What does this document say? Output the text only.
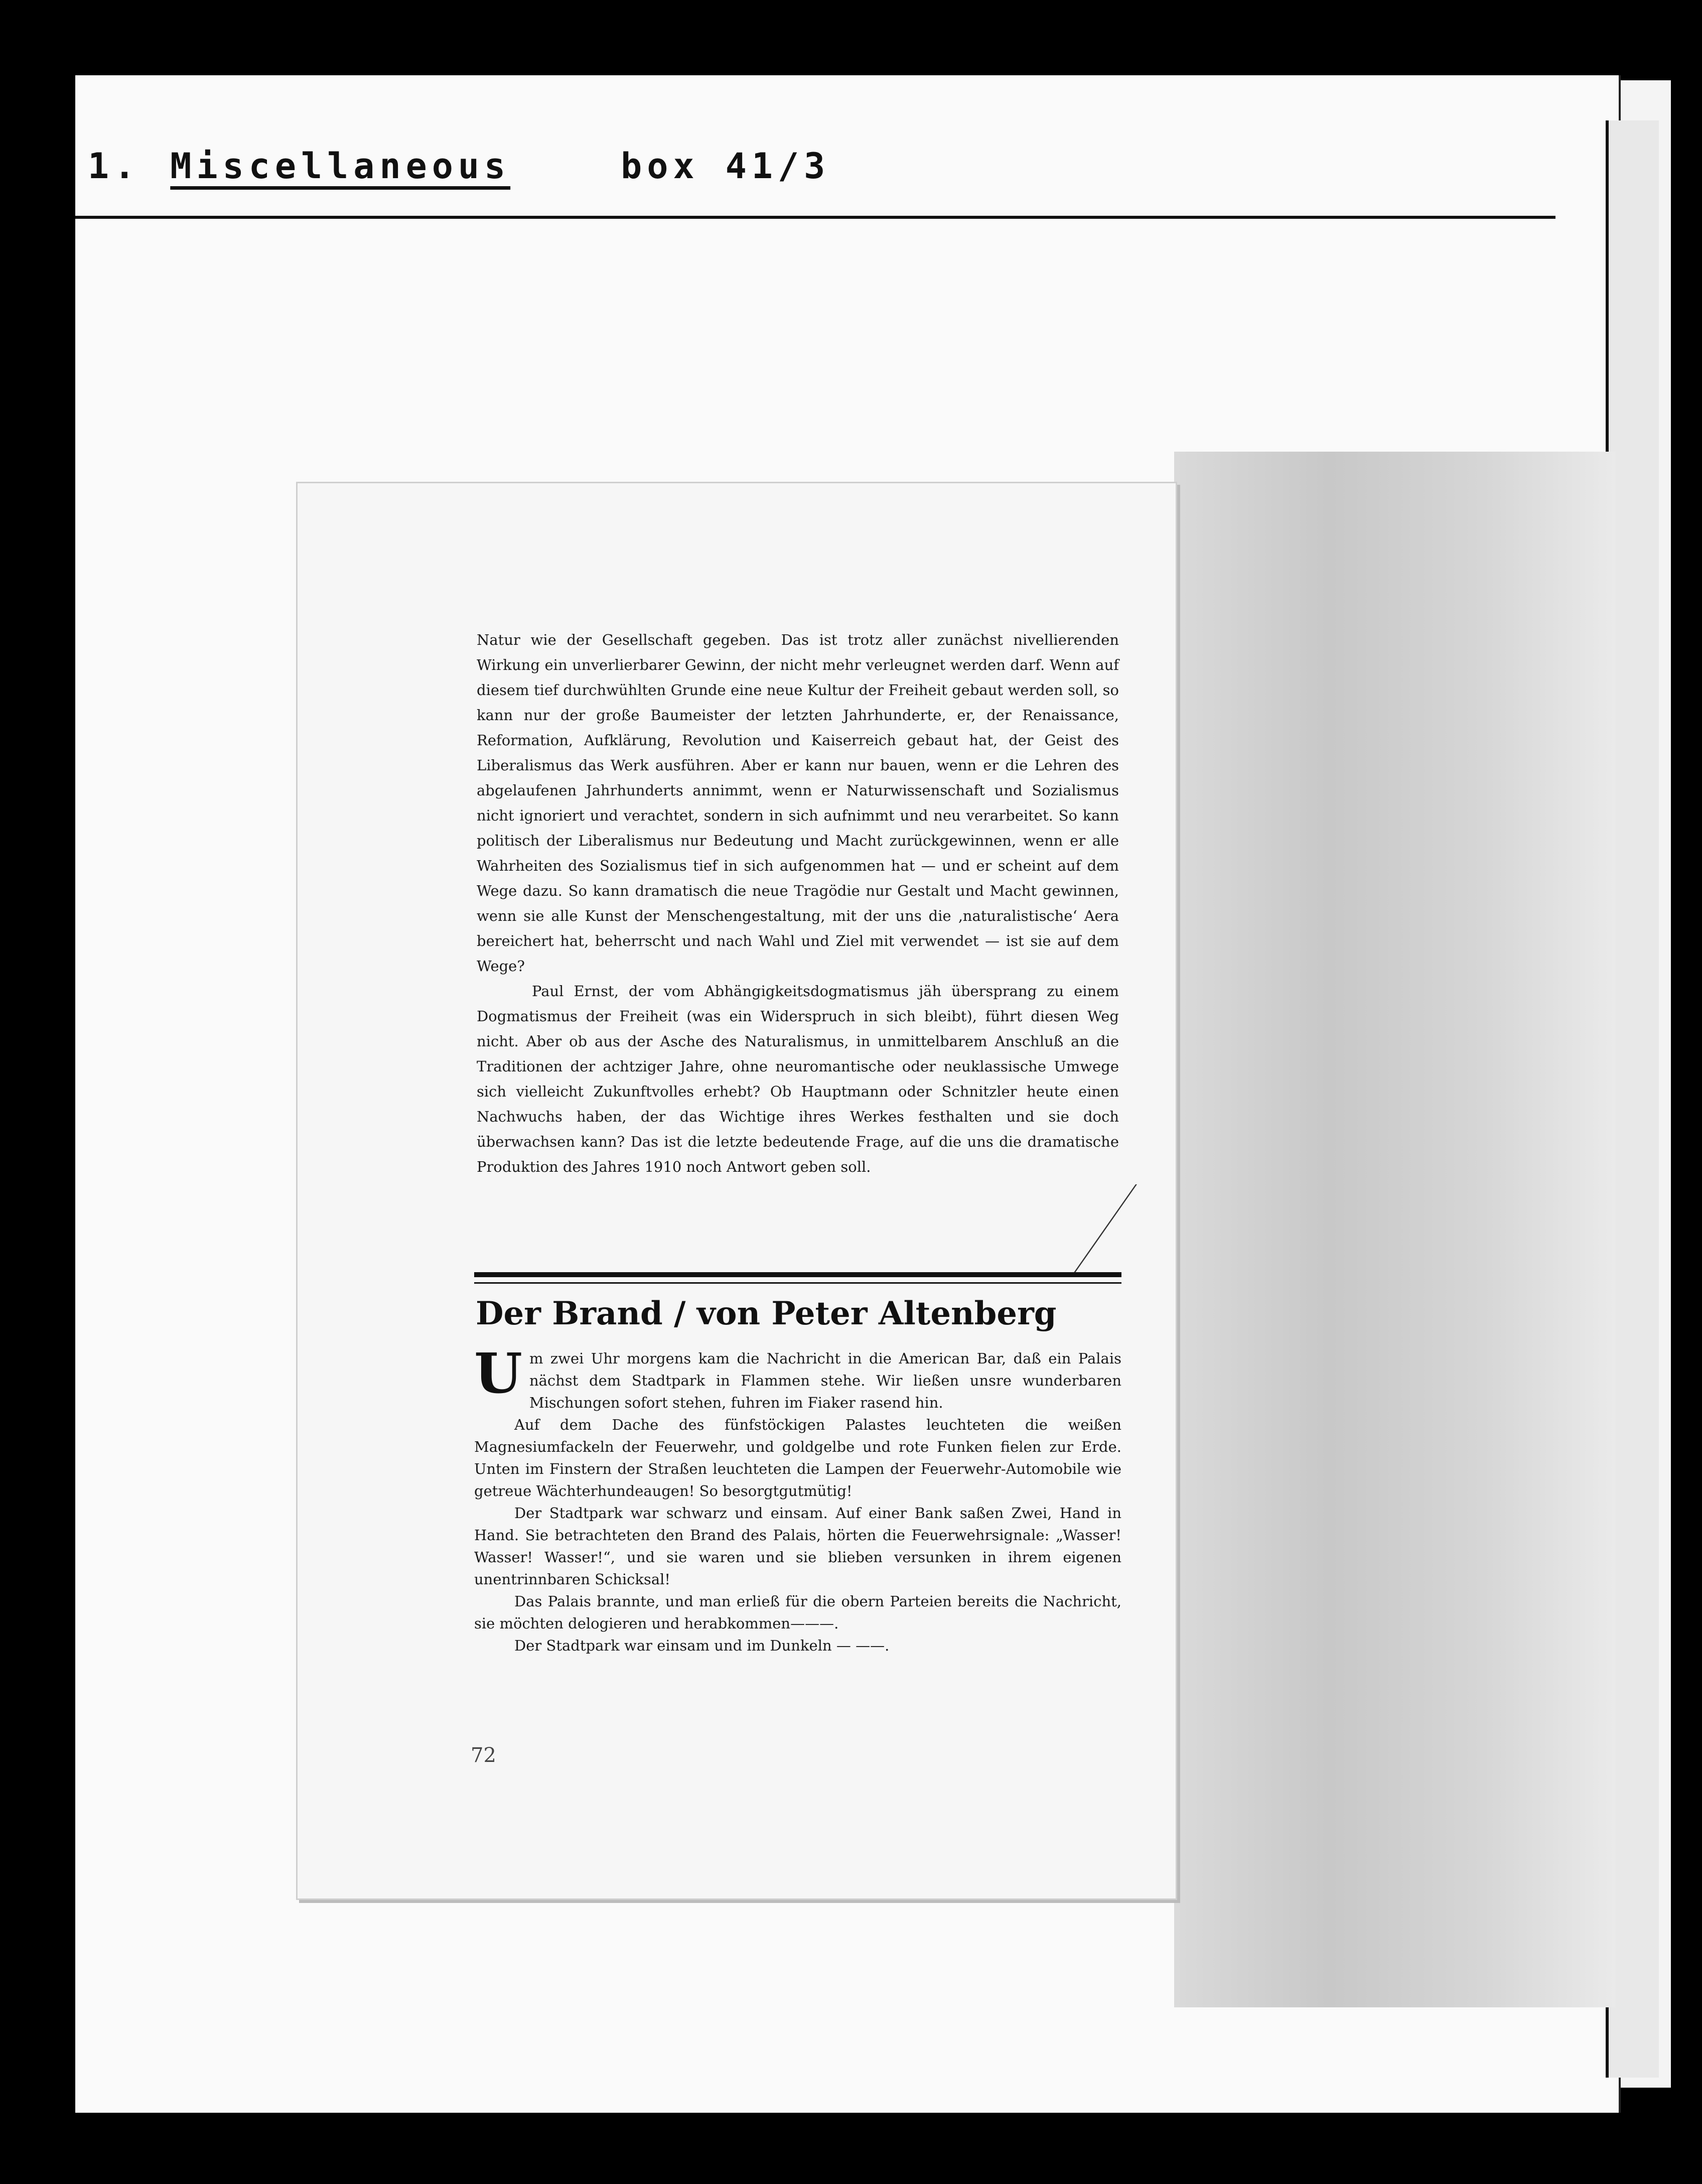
1. Miscellaneous	box 41/3

Natur wie der Gesellschaft gegeben. Das ist trotz aller zunächst nivellierenden Wirkung ein unverlierbarer Gewinn, der nicht mehr verleugnet werden darf. Wenn auf diesem tief durchwühlten Grunde eine neue Kultur der Freiheit gebaut werden soll, so kann nur der große Baumeister der letzten Jahrhunderte, er, der Renaissance, Reformation, Aufklärung, Revolution und Kaiserreich gebaut hat, der Geist des Liberalismus das Werk ausführen. Aber er kann nur bauen, wenn er die Lehren des abgelaufenen Jahrhunderts annimmt, wenn er Naturwissenschaft und Sozialismus nicht ignoriert und verachtet, sondern in sich aufnimmt und neu verarbeitet. So kann politisch der Liberalismus nur Bedeutung und Macht zurückgewinnen, wenn er alle Wahrheiten des Sozialismus tief in sich aufgenommen hat — und er scheint auf dem Wege dazu. So kann dramatisch die neue Tragödie nur Gestalt und Macht gewinnen, wenn sie alle Kunst der Menschengestaltung, mit der uns die ‚naturalistische‘ Aera bereichert hat, beherrscht und nach Wahl und Ziel mit verwendet — ist sie auf dem Wege?

Paul Ernst, der vom Abhängigkeitsdogmatismus jäh übersprang zu einem Dogmatismus der Freiheit (was ein Widerspruch in sich bleibt), führt diesen Weg nicht. Aber ob aus der Asche des Naturalismus, in unmittelbarem Anschluß an die Traditionen der achtziger Jahre, ohne neuromantische oder neuklassische Umwege sich vielleicht Zukunftvolles erhebt? Ob Hauptmann oder Schnitzler heute einen Nachwuchs haben, der das Wichtige ihres Werkes festhalten und sie doch überwachsen kann? Das ist die letzte bedeutende Frage, auf die uns die dramatische Produktion des Jahres 1910 noch Antwort geben soll.

Der Brand / von Peter Altenberg

Um zwei Uhr morgens kam die Nachricht in die American Bar, daß ein Palais nächst dem Stadtpark in Flammen stehe. Wir ließen unsre wunderbaren Mischungen sofort stehen, fuhren im Fiaker rasend hin.

Auf dem Dache des fünfstöckigen Palastes leuchteten die weißen Magnesiumfackeln der Feuerwehr, und goldgelbe und rote Funken fielen zur Erde. Unten im Finstern der Straßen leuchteten die Lampen der Feuerwehr-Automobile wie getreue Wächterhundeaugen! So besorgtgutmütig!

Der Stadtpark war schwarz und einsam. Auf einer Bank saßen Zwei, Hand in Hand. Sie betrachteten den Brand des Palais, hörten die Feuerwehrsignale: „Wasser! Wasser! Wasser!“, und sie waren und sie blieben versunken in ihrem eigenen unentrinnbaren Schicksal!

Das Palais brannte, und man erließ für die obern Parteien bereits die Nachricht, sie möchten delogieren und herabkommen———.

Der Stadtpark war einsam und im Dunkeln — ——.

72
